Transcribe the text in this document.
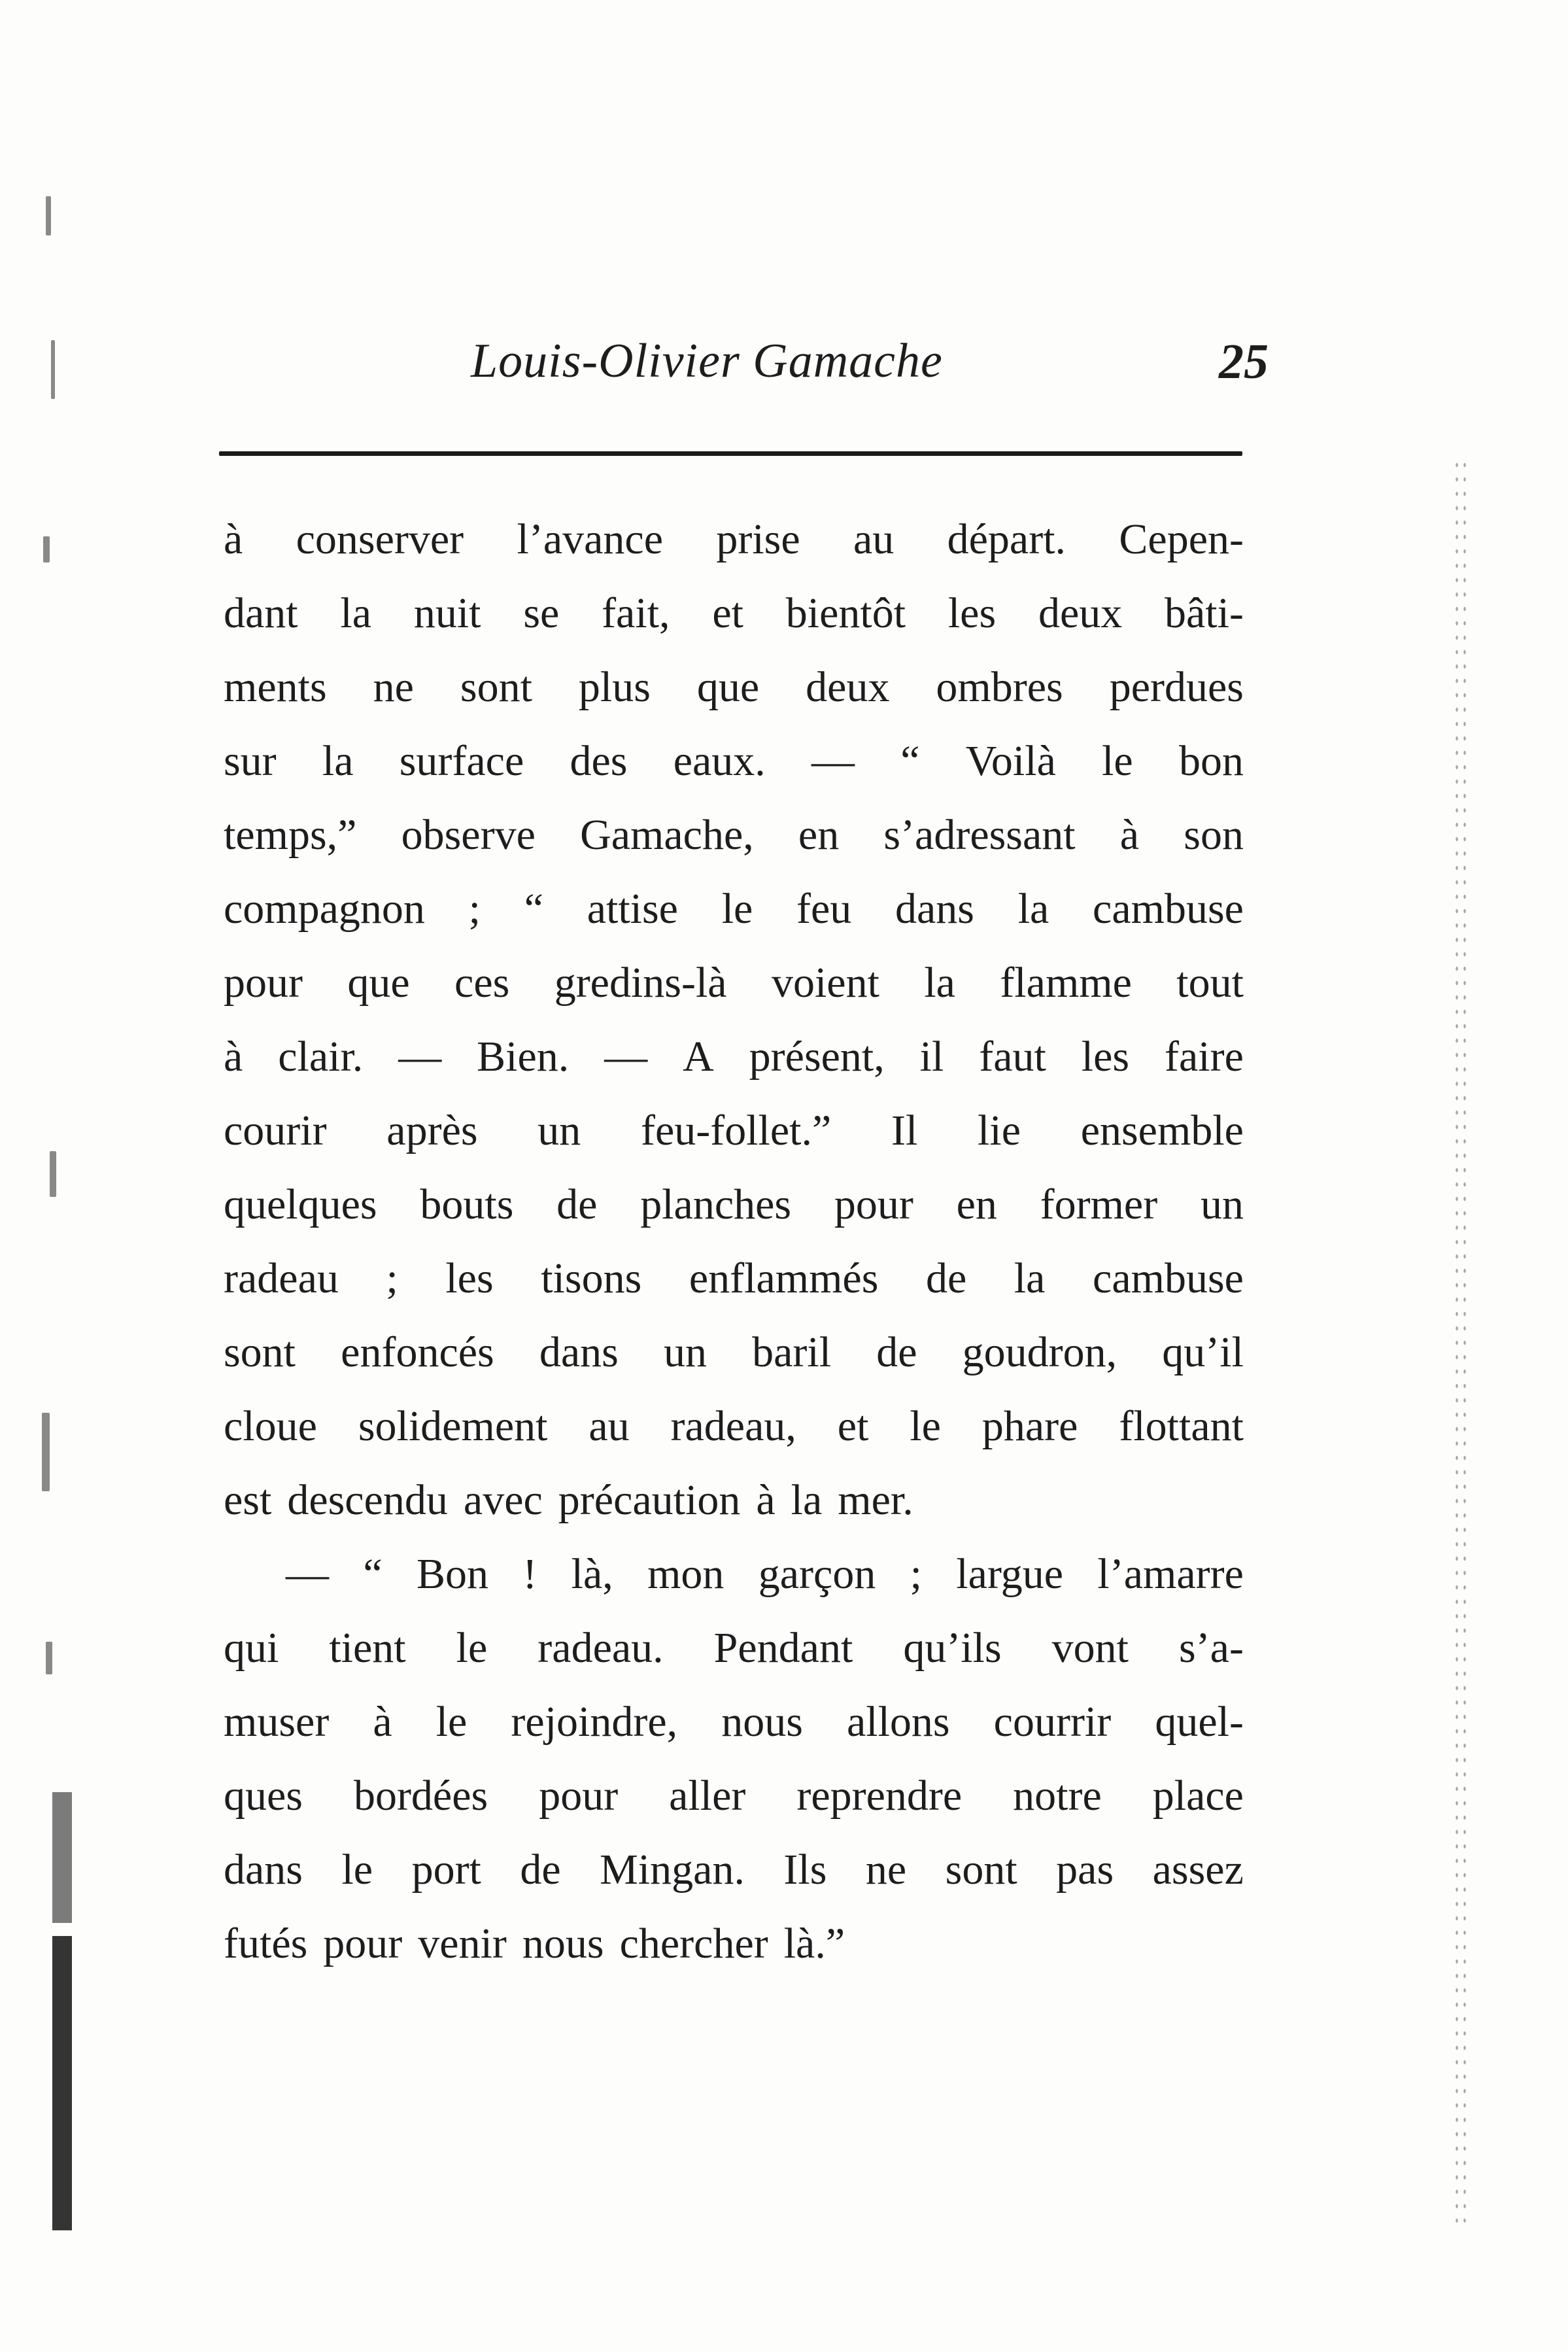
Louis-Olivier Gamache	25
à conserver l’avance prise au départ. Cepen-
dant la nuit se fait, et bientôt les deux bâti-
ments ne sont plus que deux ombres perdues
sur la surface des eaux. — “ Voilà le bon
temps,” observe Gamache, en s’adressant à son
compagnon ; “ attise le feu dans la cambuse
pour que ces gredins-là voient la flamme tout
à clair. — Bien. — A présent, il faut les faire
courir après un feu-follet.” Il lie ensemble
quelques bouts de planches pour en former un
radeau ; les tisons enflammés de la cambuse
sont enfoncés dans un baril de goudron, qu’il
cloue solidement au radeau, et le phare flottant
est descendu avec précaution à la mer.
— “ Bon ! là, mon garçon ; largue l’amarre
qui tient le radeau. Pendant qu’ils vont s’a-
muser à le rejoindre, nous allons courrir quel-
ques bordées pour aller reprendre notre place
dans le port de Mingan. Ils ne sont pas assez
futés pour venir nous chercher là.”
